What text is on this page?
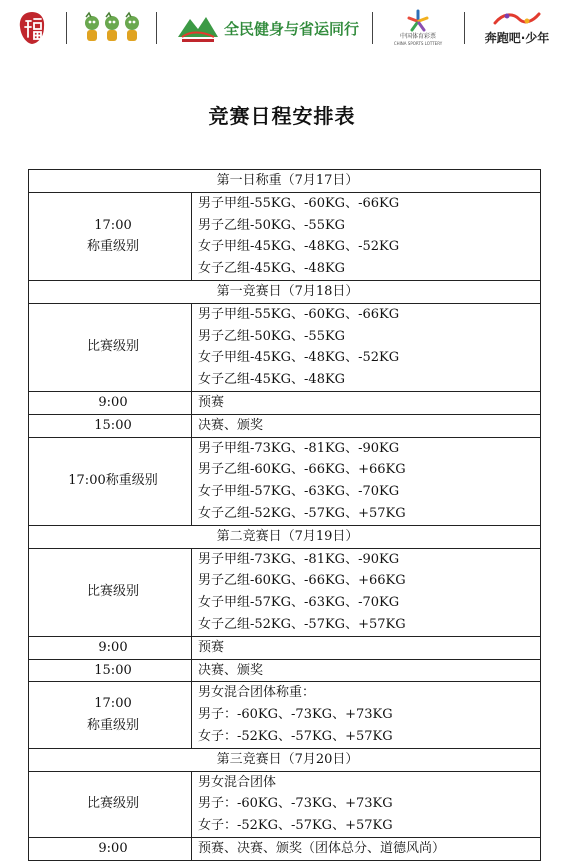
全民健身与省运同行	中国体育彩票
CHINA SPORTS LOTTERY	奔跑吧·少年
竞赛日程安排表
第一日称重（7月17日）	

17:00
称重级别	男子甲组-55KG、-60KG、-66KG
男子乙组-50KG、-55KG
女子甲组-45KG、-48KG、-52KG
女子乙组-45KG、-48KG

第一竞赛日（7月18日）	
比赛级别	男子甲组-55KG、-60KG、-66KG
男子乙组-50KG、-55KG
女子甲组-45KG、-48KG、-52KG
女子乙组-45KG、-48KG

9:00	预赛
15:00	决赛、颁奖
17:00称重级别	男子甲组-73KG、-81KG、-90KG
男子乙组-60KG、-66KG、+66KG
女子甲组-57KG、-63KG、-70KG
女子乙组-52KG、-57KG、+57KG

第二竞赛日（7月19日）	
比赛级别	男子甲组-73KG、-81KG、-90KG
男子乙组-60KG、-66KG、+66KG
女子甲组-57KG、-63KG、-70KG
女子乙组-52KG、-57KG、+57KG

9:00	预赛
15:00	决赛、颁奖

17:00
称重级别	男女混合团体称重：
男子：-60KG、-73KG、+73KG
女子：-52KG、-57KG、+57KG

第三竞赛日（7月20日）	
比赛级别	男女混合团体
男子：-60KG、-73KG、+73KG
女子：-52KG、-57KG、+57KG

9:00	预赛、决赛、颁奖（团体总分、道德风尚）
